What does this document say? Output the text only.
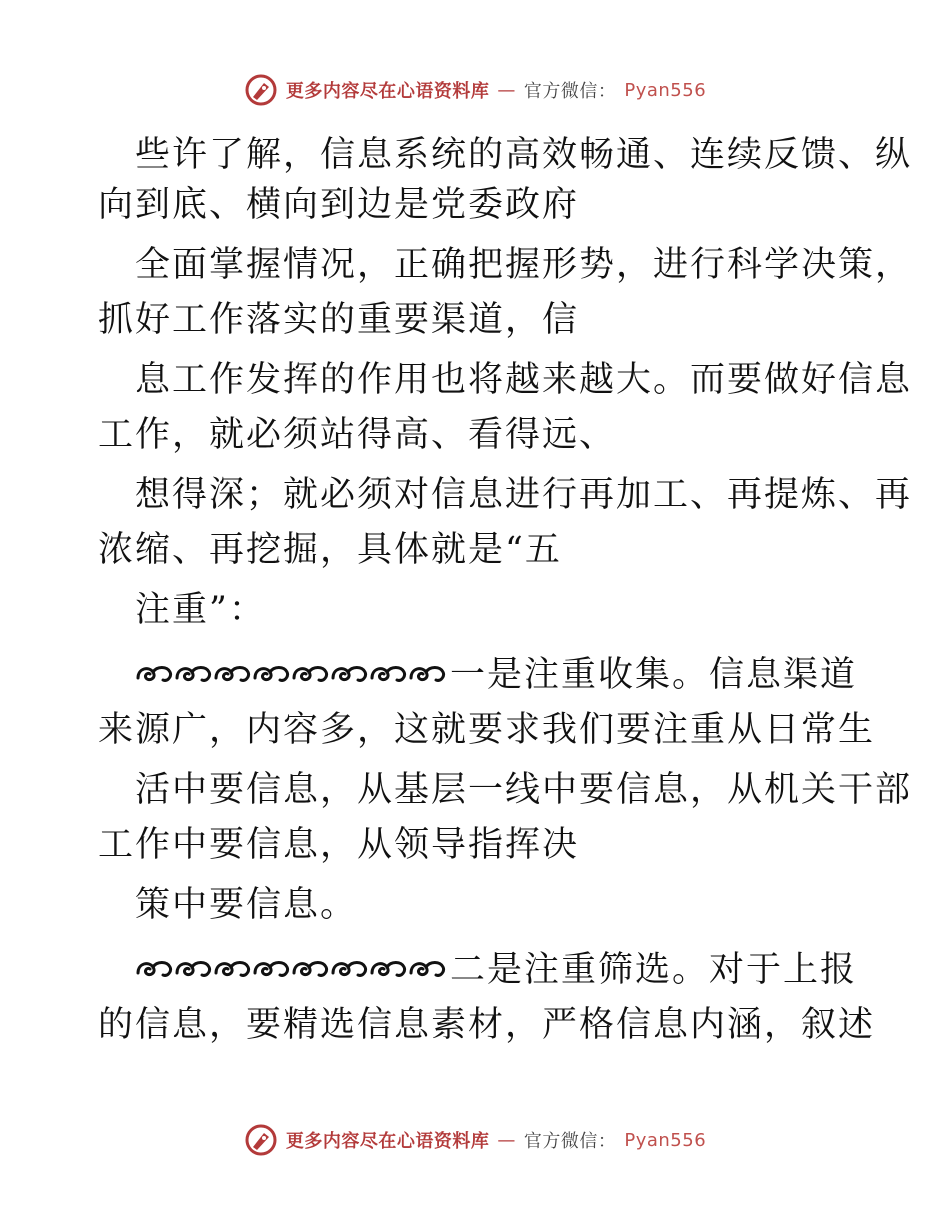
更多内容尽在心语资料库 — 官方微信： Pyan556
些许了解，信息系统的高效畅通、连续反馈、纵
向到底、横向到边是党委政府
全面掌握情况，正确把握形势，进行科学决策，
抓好工作落实的重要渠道，信
息工作发挥的作用也将越来越大。而要做好信息
工作，就必须站得高、看得远、
想得深；就必须对信息进行再加工、再提炼、再
浓缩、再挖掘，具体就是“五
注重”：
一是注重收集。信息渠道
来源广，内容多，这就要求我们要注重从日常生
活中要信息，从基层一线中要信息，从机关干部
工作中要信息，从领导指挥决
策中要信息。
二是注重筛选。对于上报
的信息，要精选信息素材，严格信息内涵，叙述
更多内容尽在心语资料库 — 官方微信： Pyan556
